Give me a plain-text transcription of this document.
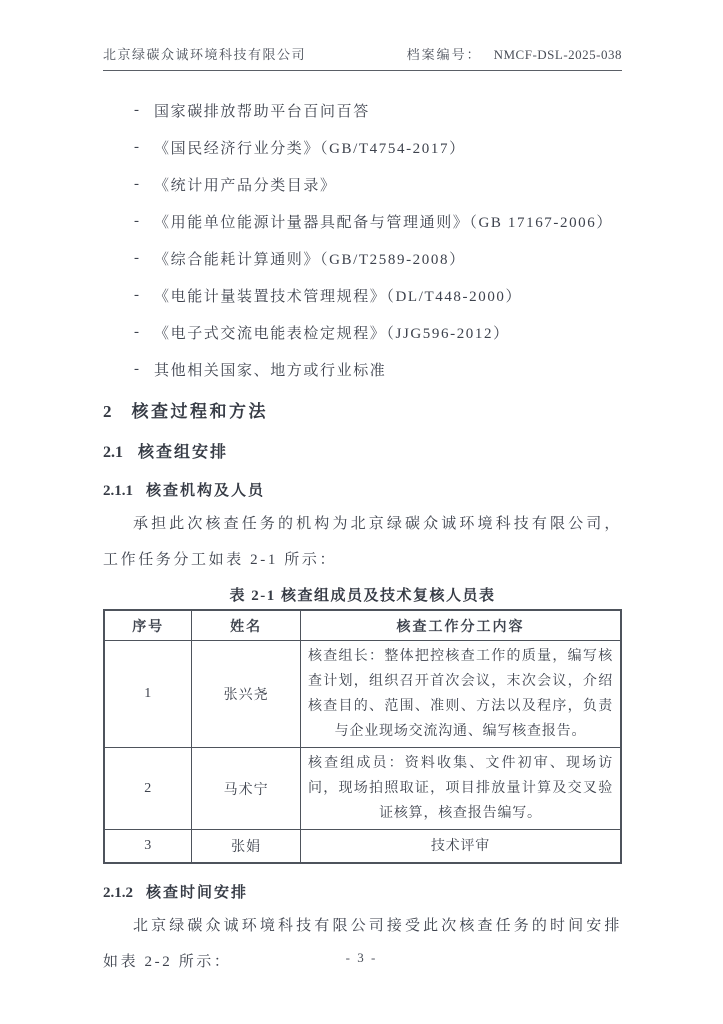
北京绿碳众诚环境科技有限公司	档案编号： NMCF-DSL-2025-038
- 国家碳排放帮助平台百问百答
- 《国民经济行业分类》（GB/T4754-2017）
- 《统计用产品分类目录》
- 《用能单位能源计量器具配备与管理通则》（GB 17167-2006）
- 《综合能耗计算通则》（GB/T2589-2008）
- 《电能计量装置技术管理规程》（DL/T448-2000）
- 《电子式交流电能表检定规程》（JJG596-2012）
- 其他相关国家、地方或行业标准
2 核查过程和方法
2.1 核查组安排
2.1.1 核查机构及人员

承担此次核查任务的机构为北京绿碳众诚环境科技有限公司，工作任务分工如表 2-1 所示：

表 2-1 核查组成员及技术复核人员表
序号	姓名	核查工作分工内容
1	张兴尧	核查组长：整体把控核查工作的质量，编写核查计划，组织召开首次会议，末次会议，介绍核查目的、范围、准则、方法以及程序，负责与企业现场交流沟通、编写核查报告。
2	马术宁	核查组成员：资料收集、文件初审、现场访问，现场拍照取证，项目排放量计算及交叉验证核算，核查报告编写。
3	张娟	技术评审
2.1.2 核查时间安排

北京绿碳众诚环境科技有限公司接受此次核查任务的时间安排如表 2-2 所示：	- 3 -
